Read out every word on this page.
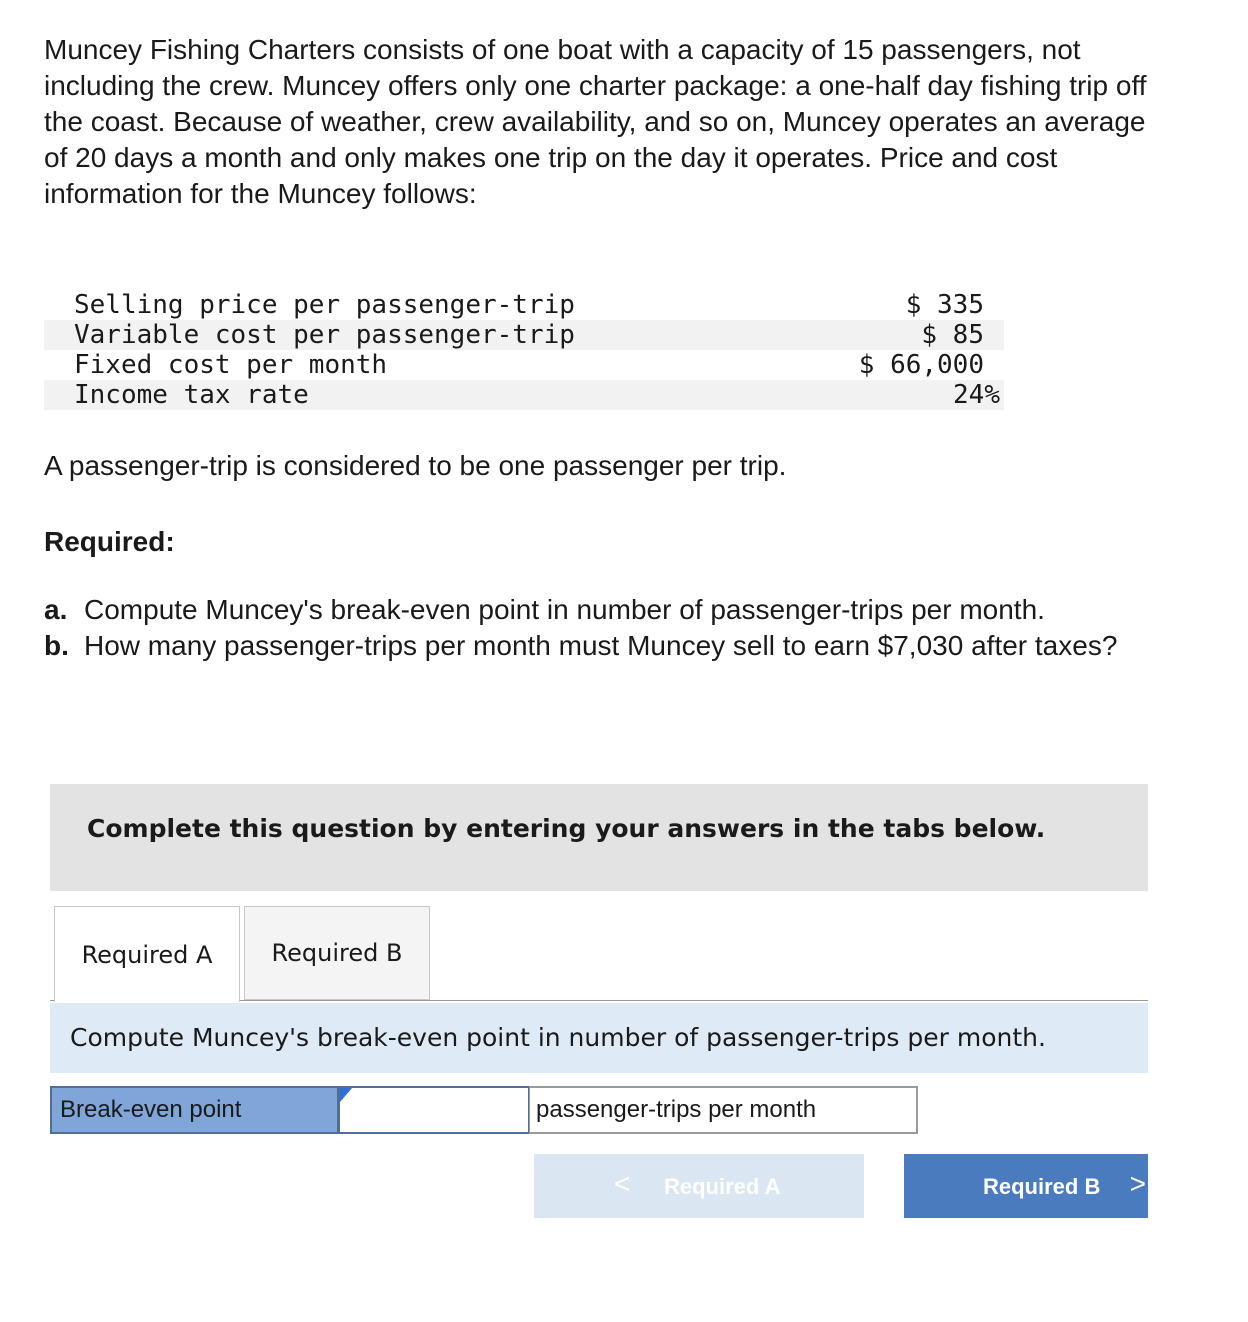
Muncey Fishing Charters consists of one boat with a capacity of 15 passengers, not including the crew. Muncey offers only one charter package: a one-half day fishing trip off the coast. Because of weather, crew availability, and so on, Muncey operates an average of 20 days a month and only makes one trip on the day it operates. Price and cost information for the Muncey follows:

Selling price per passenger-trip	$ 335
Variable cost per passenger-trip	$ 85
Fixed cost per month	$ 66,000
Income tax rate	24%

A passenger-trip is considered to be one passenger per trip.

Required:

a. Compute Muncey's break-even point in number of passenger-trips per month.
b. How many passenger-trips per month must Muncey sell to earn $7,030 after taxes?
Complete this question by entering your answers in the tabs below.
Required A Required B
Compute Muncey's break-even point in number of passenger-trips per month.
Break-even point	passenger-trips per month
< Required A	Required B >
